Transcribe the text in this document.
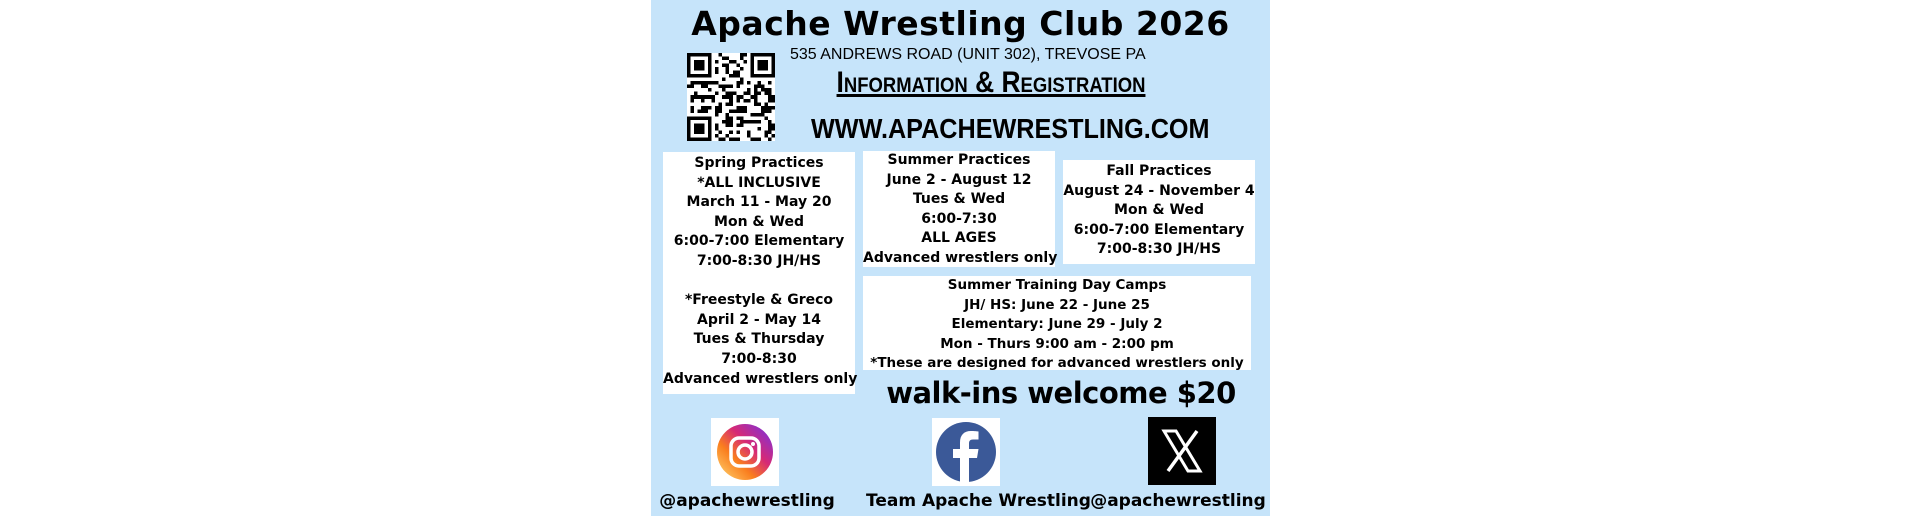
Apache Wrestling Club 2026
535 ANDREWS ROAD (UNIT 302), TREVOSE PA
Information & Registration
WWW.APACHEWRESTLING.COM
Spring Practices
*ALL INCLUSIVE
March 11 - May 20
Mon & Wed
6:00-7:00 Elementary
7:00-8:30 JH/HS

*Freestyle & Greco
April 2 - May 14
Tues & Thursday
7:00-8:30
Advanced wrestlers only
Summer Practices
June 2 - August 12
Tues & Wed
6:00-7:30
ALL AGES
Advanced wrestlers only
Fall Practices
August 24 - November 4
Mon & Wed
6:00-7:00 Elementary
7:00-8:30 JH/HS
Summer Training Day Camps
JH/ HS: June 22 - June 25
Elementary: June 29 - July 2
Mon - Thurs 9:00 am - 2:00 pm
*These are designed for advanced wrestlers only
walk-ins welcome $20
@apachewrestling Team Apache Wrestling @apachewrestling
